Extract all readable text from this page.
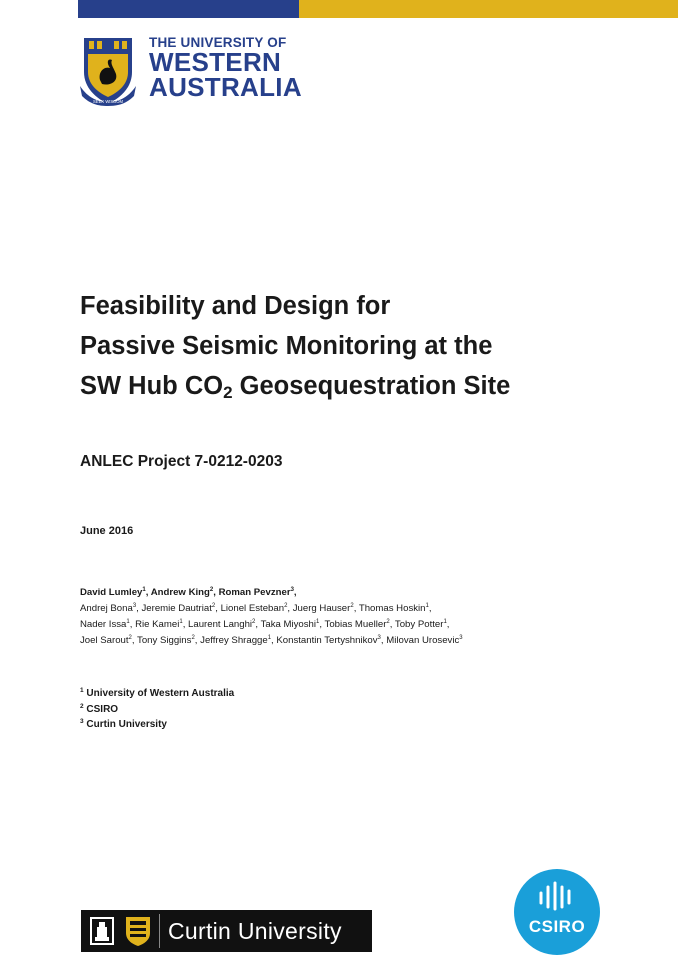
SEEK WISDOM
THE UNIVERSITY OF
WESTERN
AUSTRALIA
Feasibility and Design for
Passive Seismic Monitoring at the
SW Hub $CO_2$ Geosequestration Site
ANLEC Project 7-0212-0203
June 2016
David Lumley$^1$, Andrew King$^2$, Roman Pevzner$^3$,
Andrej Bona$^3$, Jeremie Dautriat$^2$, Lionel Esteban$^2$, Juerg Hauser$^2$, Thomas Hoskin$^1$,
Nader Issa$^1$, Rie Kamei$^1$, Laurent Langhi$^2$, Taka Miyoshi$^1$, Tobias Mueller$^2$, Toby Potter$^1$,
Joel Sarout$^2$, Tony Siggins$^2$, Jeffrey Shragge$^1$, Konstantin Tertyshnikov$^3$, Milovan Urosevic$^3$
$^1$ University of Western Australia
$^2$ CSIRO
$^3$ Curtin University
Curtin University	CSIRO
